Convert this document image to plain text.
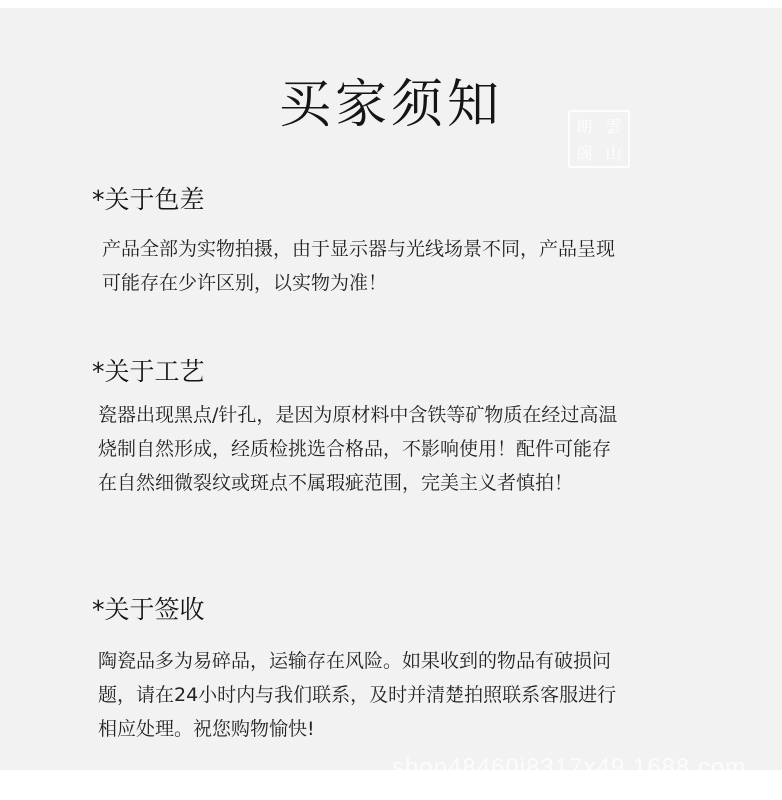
买家须知	朗 雲
阁 山
*关于色差
产品全部为实物拍摄，由于显示器与光线场景不同，产品呈现
可能存在少许区别，以实物为准！
*关于工艺
瓷器出现黑点/针孔，是因为原材料中含铁等矿物质在经过高温
烧制自然形成，经质检挑选合格品，不影响使用！配件可能存
在自然细微裂纹或斑点不属瑕疵范围，完美主义者慎拍！
*关于签收
陶瓷品多为易碎品，运输存在风险。如果收到的物品有破损问
题，请在24小时内与我们联系，及时并清楚拍照联系客服进行
相应处理。祝您购物愉快!
shop48460i8317x49.1688.com
